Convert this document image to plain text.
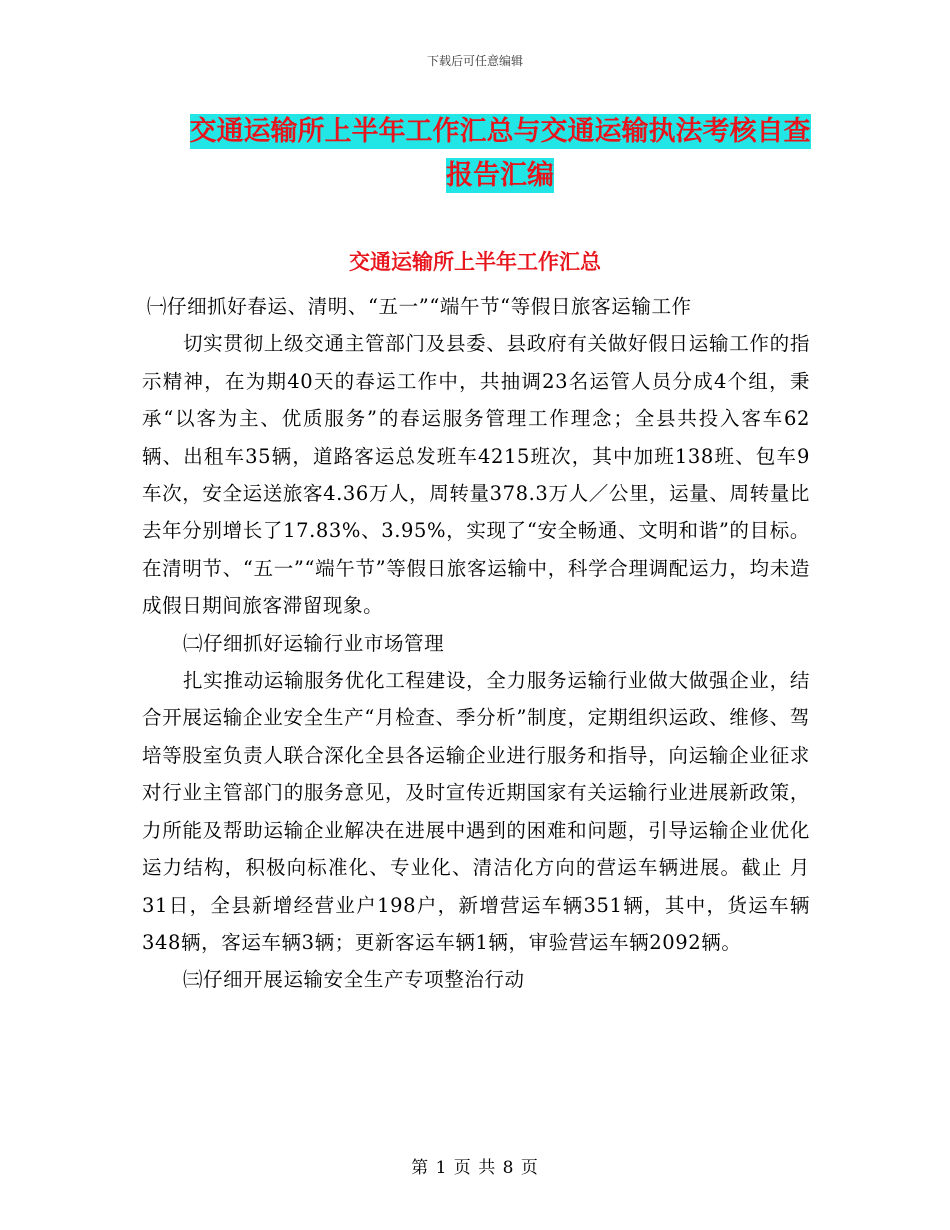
下载后可任意编辑
交通运输所上半年工作汇总与交通运输执法考核自查
报告汇编
交通运输所上半年工作汇总

㈠仔细抓好春运、清明、“五一”“端午节“等假日旅客运输工作

切实贯彻上级交通主管部门及县委、县政府有关做好假日运输工作的指示精神，在为期40天的春运工作中，共抽调23名运管人员分成4个组，秉承“以客为主、优质服务”的春运服务管理工作理念；全县共投入客车62辆、出租车35辆，道路客运总发班车4215班次，其中加班138班、包车9车次，安全运送旅客4.36万人，周转量378.3万人／公里，运量、周转量比去年分别增长了17.83%、3.95%，实现了“安全畅通、文明和谐”的目标。在清明节、“五一”“端午节”等假日旅客运输中，科学合理调配运力，均未造成假日期间旅客滞留现象。

㈡仔细抓好运输行业市场管理

扎实推动运输服务优化工程建设，全力服务运输行业做大做强企业，结合开展运输企业安全生产“月检查、季分析”制度，定期组织运政、维修、驾培等股室负责人联合深化全县各运输企业进行服务和指导，向运输企业征求对行业主管部门的服务意见，及时宣传近期国家有关运输行业进展新政策，力所能及帮助运输企业解决在进展中遇到的困难和问题，引导运输企业优化运力结构，积极向标准化、专业化、清洁化方向的营运车辆进展。截止 月31日，全县新增经营业户198户，新增营运车辆351辆，其中，货运车辆348辆，客运车辆3辆；更新客运车辆1辆，审验营运车辆2092辆。

㈢仔细开展运输安全生产专项整治行动

第 1 页 共 8 页
